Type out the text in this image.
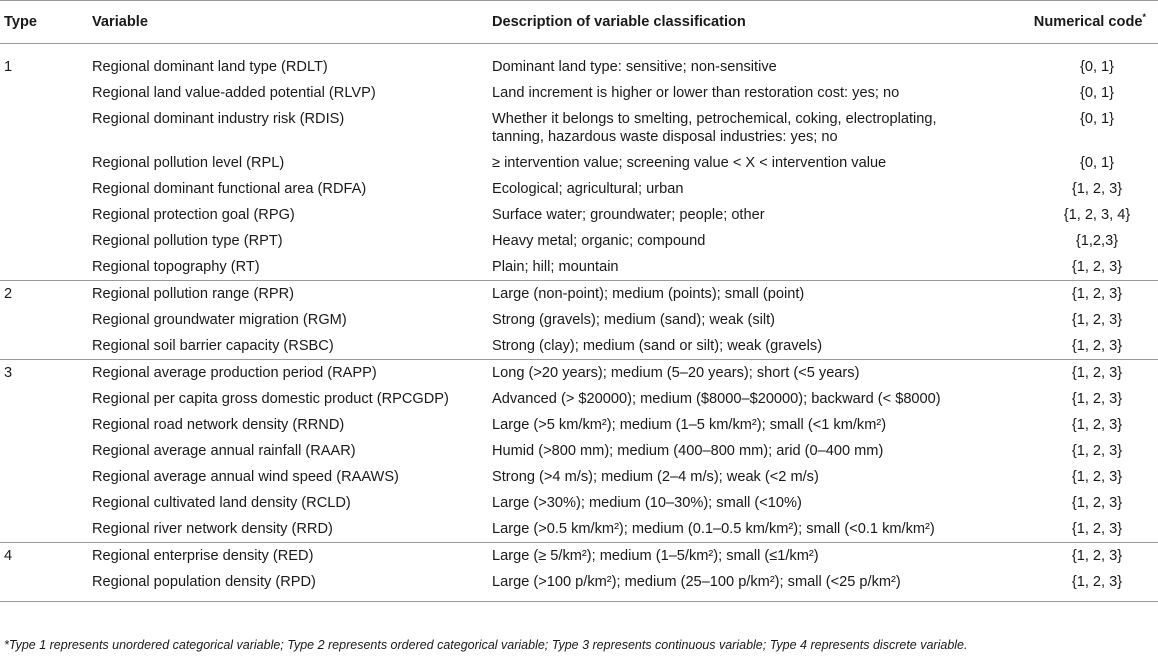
Type	Variable	Description of variable classification	Numerical code*
1	Regional dominant land type (RDLT)	Dominant land type: sensitive; non-sensitive	{0, 1}
	Regional land value-added potential (RLVP)	Land increment is higher or lower than restoration cost: yes; no	{0, 1}
	Regional dominant industry risk (RDIS)	Whether it belongs to smelting, petrochemical, coking, electroplating, tanning, hazardous waste disposal industries: yes; no	{0, 1}
	Regional pollution level (RPL)	≥ intervention value; screening value < X < intervention value	{0, 1}
	Regional dominant functional area (RDFA)	Ecological; agricultural; urban	{1, 2, 3}
	Regional protection goal (RPG)	Surface water; groundwater; people; other	{1, 2, 3, 4}
	Regional pollution type (RPT)	Heavy metal; organic; compound	{1,2,3}
	Regional topography (RT)	Plain; hill; mountain	{1, 2, 3}
2	Regional pollution range (RPR)	Large (non-point); medium (points); small (point)	{1, 2, 3}
	Regional groundwater migration (RGM)	Strong (gravels); medium (sand); weak (silt)	{1, 2, 3}
	Regional soil barrier capacity (RSBC)	Strong (clay); medium (sand or silt); weak (gravels)	{1, 2, 3}
3	Regional average production period (RAPP)	Long (>20 years); medium (5–20 years); short (<5 years)	{1, 2, 3}
	Regional per capita gross domestic product (RPCGDP)	Advanced (> $20000); medium ($8000–$20000); backward (< $8000)	{1, 2, 3}
	Regional road network density (RRND)	Large (>5 km/km²); medium (1–5 km/km²); small (<1 km/km²)	{1, 2, 3}
	Regional average annual rainfall (RAAR)	Humid (>800 mm); medium (400–800 mm); arid (0–400 mm)	{1, 2, 3}
	Regional average annual wind speed (RAAWS)	Strong (>4 m/s); medium (2–4 m/s); weak (<2 m/s)	{1, 2, 3}
	Regional cultivated land density (RCLD)	Large (>30%); medium (10–30%); small (<10%)	{1, 2, 3}
	Regional river network density (RRD)	Large (>0.5 km/km²); medium (0.1–0.5 km/km²); small (<0.1 km/km²)	{1, 2, 3}
4	Regional enterprise density (RED)	Large (≥ 5/km²); medium (1–5/km²); small (≤1/km²)	{1, 2, 3}
	Regional population density (RPD)	Large (>100 p/km²); medium (25–100 p/km²); small (<25 p/km²)	{1, 2, 3}
*Type 1 represents unordered categorical variable; Type 2 represents ordered categorical variable; Type 3 represents continuous variable; Type 4 represents discrete variable.
